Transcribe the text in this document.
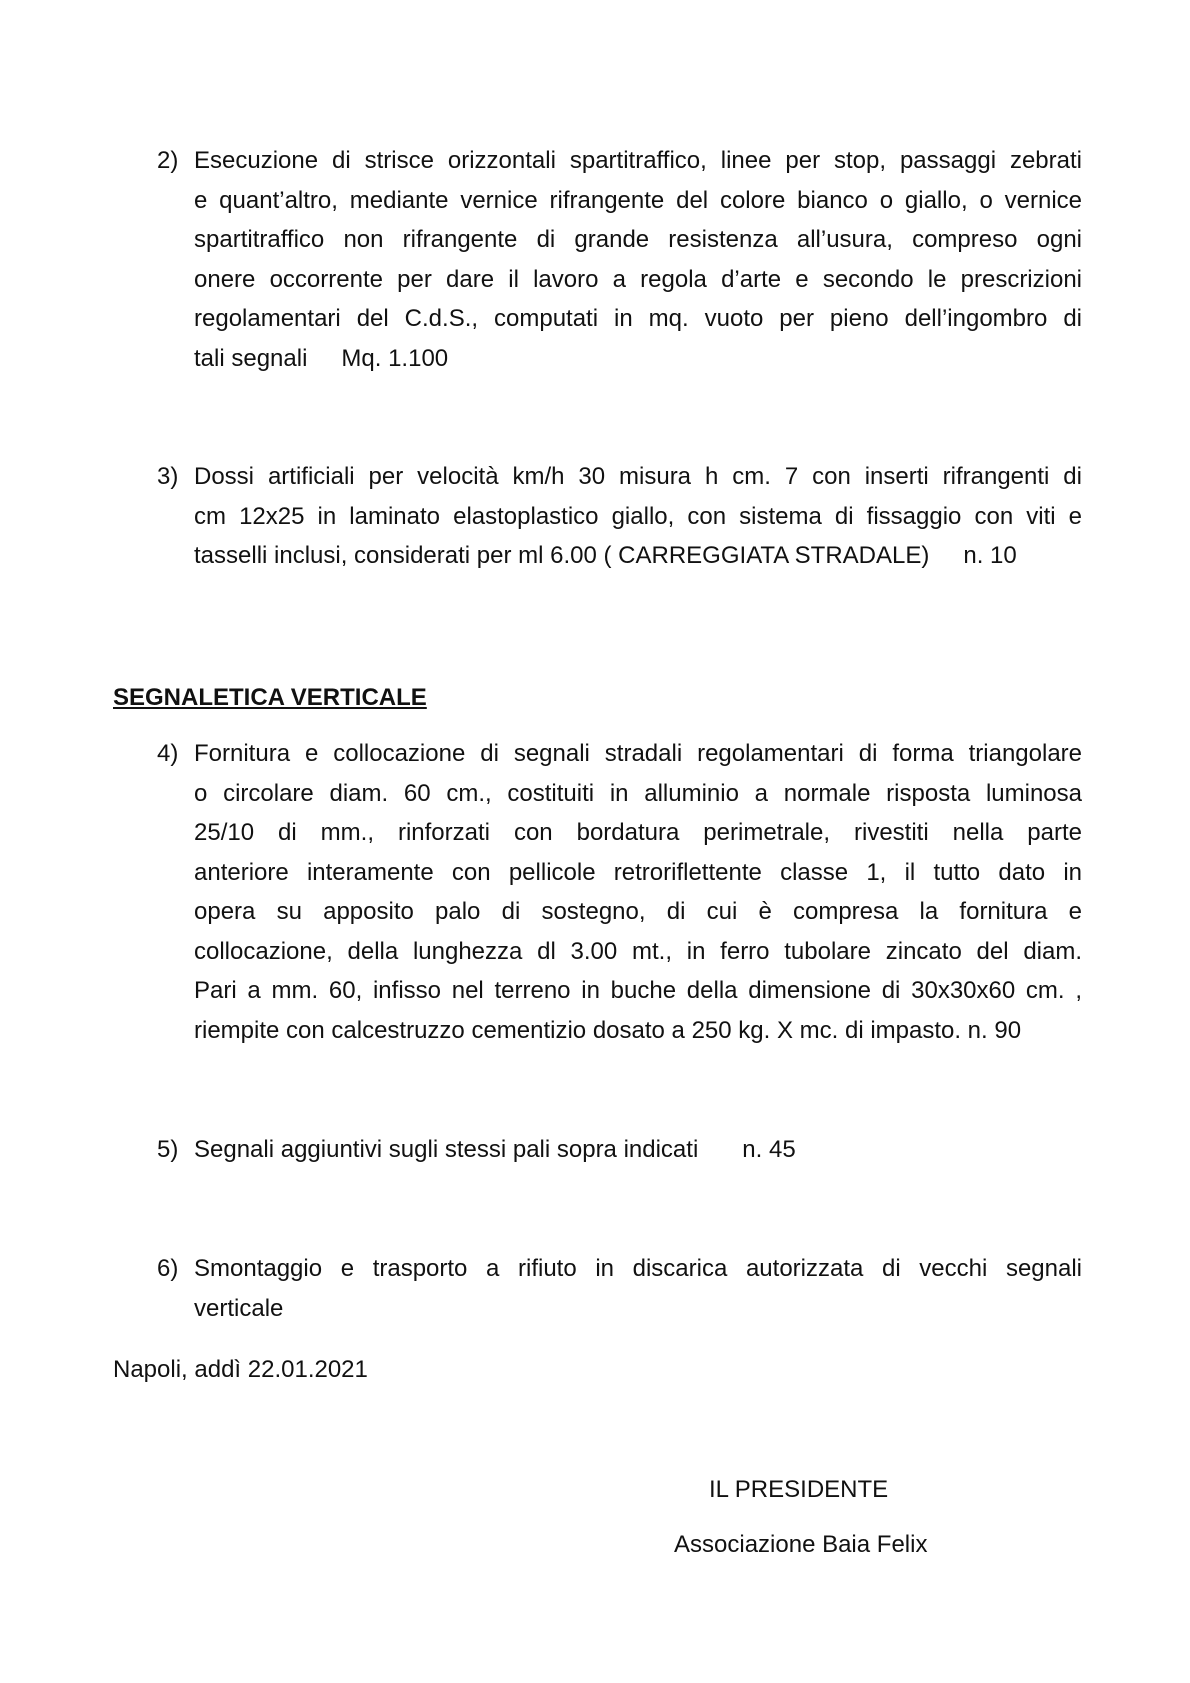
2) Esecuzione di strisce orizzontali spartitraffico, linee per stop, passaggi zebrati
e quant’altro, mediante vernice rifrangente del colore bianco o giallo, o vernice
spartitraffico non rifrangente di grande resistenza all’usura, compreso ogni
onere occorrente per dare il lavoro a regola d’arte e secondo le prescrizioni
regolamentari del C.d.S., computati in mq. vuoto per pieno dell’ingombro di
tali segnali Mq. 1.100
3) Dossi artificiali per velocità km/h 30 misura h cm. 7 con inserti rifrangenti di
cm 12x25 in laminato elastoplastico giallo, con sistema di fissaggio con viti e
tasselli inclusi, considerati per ml 6.00 ( CARREGGIATA STRADALE) n. 10
SEGNALETICA VERTICALE
4) Fornitura e collocazione di segnali stradali regolamentari di forma triangolare
o circolare diam. 60 cm., costituiti in alluminio a normale risposta luminosa
25/10 di mm., rinforzati con bordatura perimetrale, rivestiti nella parte
anteriore interamente con pellicole retroriflettente classe 1, il tutto dato in
opera su apposito palo di sostegno, di cui è compresa la fornitura e
collocazione, della lunghezza dl 3.00 mt., in ferro tubolare zincato del diam.
Pari a mm. 60, infisso nel terreno in buche della dimensione di 30x30x60 cm. ,
riempite con calcestruzzo cementizio dosato a 250 kg. X mc. di impasto. n. 90
5) Segnali aggiuntivi sugli stessi pali sopra indicati n. 45
6) Smontaggio e trasporto a rifiuto in discarica autorizzata di vecchi segnali
verticale
Napoli, addì 22.01.2021
IL PRESIDENTE
Associazione Baia Felix
